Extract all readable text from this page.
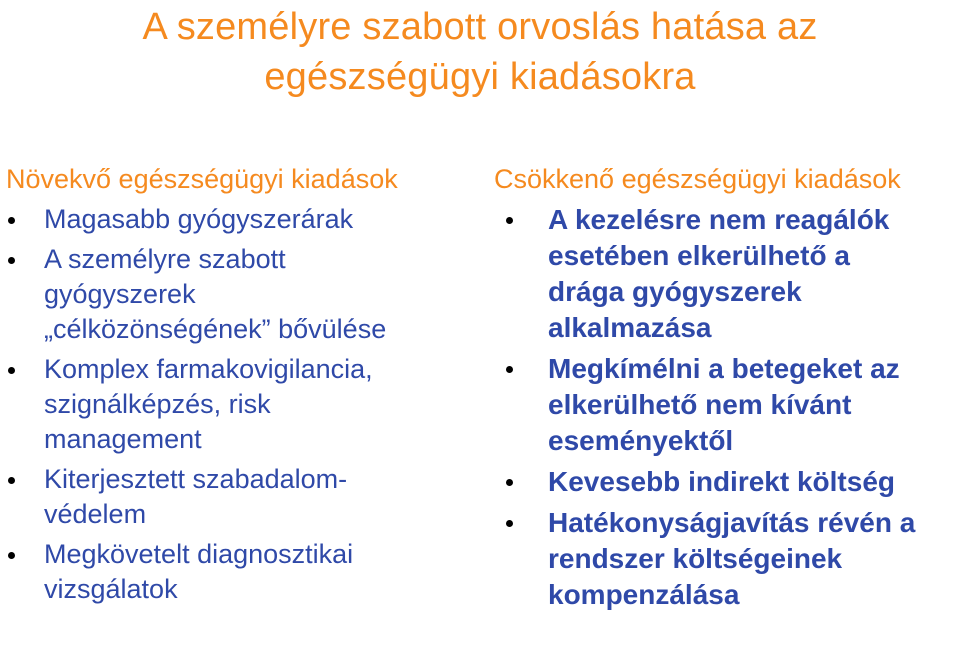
A személyre szabott orvoslás hatása az
egészségügyi kiadásokra
Növekvő egészségügyi kiadások
Magasabb gyógyszerárak
A személyre szabott
gyógyszerek
„célközönségének” bővülése
Komplex farmakovigilancia,
szignálképzés, risk
management
Kiterjesztett szabadalom-
védelem
Megkövetelt diagnosztikai
vizsgálatok
Csökkenő egészségügyi kiadások
A kezelésre nem reagálók
esetében elkerülhető a
drága gyógyszerek
alkalmazása
Megkímélni a betegeket az
elkerülhető nem kívánt
eseményektől
Kevesebb indirekt költség
Hatékonyságjavítás révén a
rendszer költségeinek
kompenzálása
